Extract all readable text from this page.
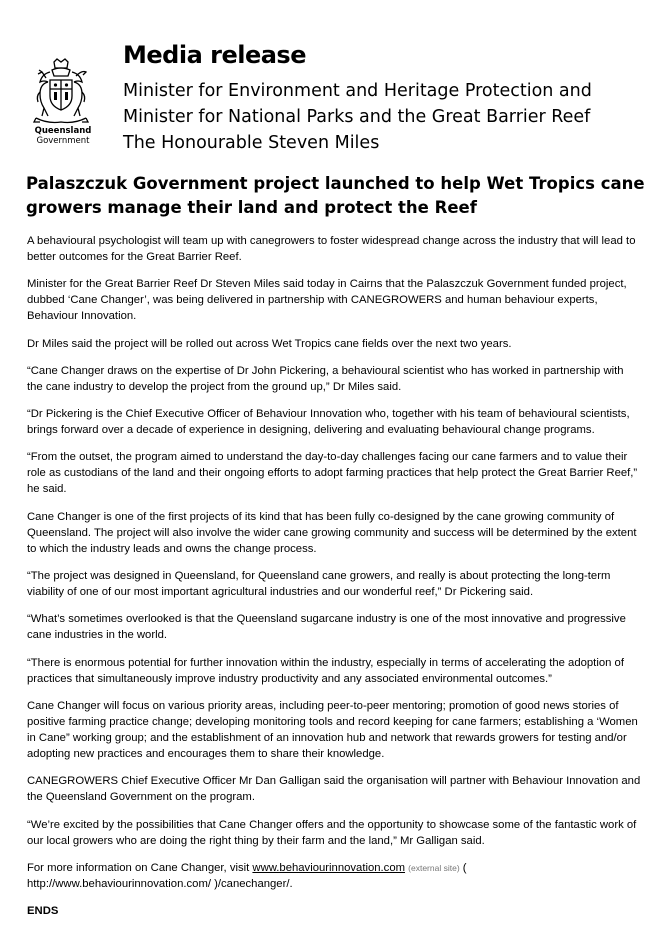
Queensland
Government
Media release
Minister for Environment and Heritage Protection and
Minister for National Parks and the Great Barrier Reef
The Honourable Steven Miles
Palaszczuk Government project launched to help Wet Tropics cane growers manage their land and protect the Reef

A behavioural psychologist will team up with canegrowers to foster widespread change across the industry that will lead to better outcomes for the Great Barrier Reef.

Minister for the Great Barrier Reef Dr Steven Miles said today in Cairns that the Palaszczuk Government funded project, dubbed ‘Cane Changer’, was being delivered in partnership with CANEGROWERS and human behaviour experts, Behaviour Innovation.

Dr Miles said the project will be rolled out across Wet Tropics cane fields over the next two years.

“Cane Changer draws on the expertise of Dr John Pickering, a behavioural scientist who has worked in partnership with the cane industry to develop the project from the ground up,” Dr Miles said.

“Dr Pickering is the Chief Executive Officer of Behaviour Innovation who, together with his team of behavioural scientists, brings forward over a decade of experience in designing, delivering and evaluating behavioural change programs.

“From the outset, the program aimed to understand the day-to-day challenges facing our cane farmers and to value their role as custodians of the land and their ongoing efforts to adopt farming practices that help protect the Great Barrier Reef,” he said.

Cane Changer is one of the first projects of its kind that has been fully co-designed by the cane growing community of Queensland. The project will also involve the wider cane growing community and success will be determined by the extent to which the industry leads and owns the change process.

“The project was designed in Queensland, for Queensland cane growers, and really is about protecting the long-term viability of one of our most important agricultural industries and our wonderful reef,” Dr Pickering said.

“What’s sometimes overlooked is that the Queensland sugarcane industry is one of the most innovative and progressive cane industries in the world.

“There is enormous potential for further innovation within the industry, especially in terms of accelerating the adoption of practices that simultaneously improve industry productivity and any associated environmental outcomes.”

Cane Changer will focus on various priority areas, including peer-to-peer mentoring; promotion of good news stories of positive farming practice change; developing monitoring tools and record keeping for cane farmers; establishing a ‘Women in Cane” working group; and the establishment of an innovation hub and network that rewards growers for testing and/or adopting new practices and encourages them to share their knowledge.

CANEGROWERS Chief Executive Officer Mr Dan Galligan said the organisation will partner with Behaviour Innovation and the Queensland Government on the program.

“We’re excited by the possibilities that Cane Changer offers and the opportunity to showcase some of the fantastic work of our local growers who are doing the right thing by their farm and the land,” Mr Galligan said.

For more information on Cane Changer, visit www.behaviourinnovation.com (external site) ( http://www.behaviourinnovation.com/ )/canechanger/.

ENDS
